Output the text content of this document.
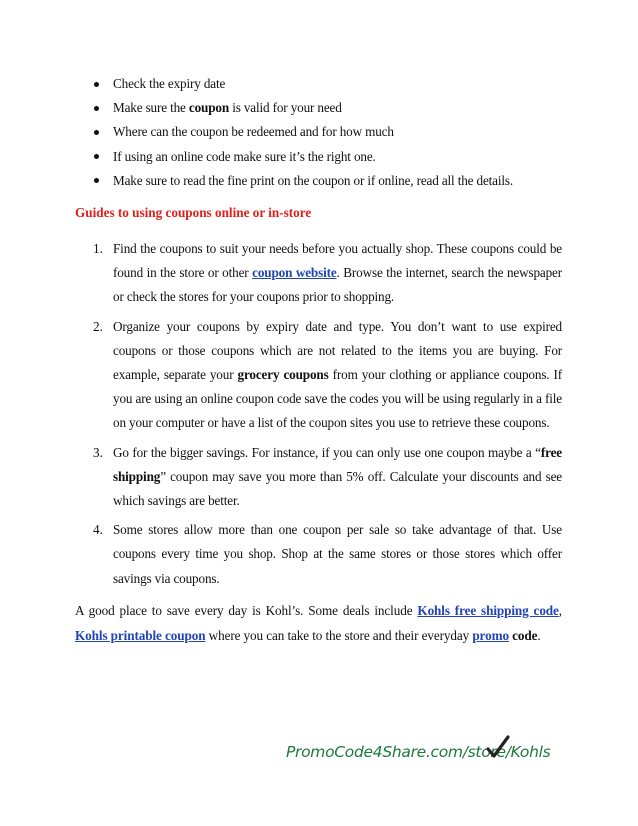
Check the expiry date
Make sure the coupon is valid for your need
Where can the coupon be redeemed and for how much
If using an online code make sure it’s the right one.
Make sure to read the fine print on the coupon or if online, read all the details.
Guides to using coupons online or in-store
1. Find the coupons to suit your needs before you actually shop. These coupons could be found in the store or other coupon website. Browse the internet, search the newspaper or check the stores for your coupons prior to shopping.
2. Organize your coupons by expiry date and type. You don’t want to use expired coupons or those coupons which are not related to the items you are buying. For example, separate your grocery coupons from your clothing or appliance coupons. If you are using an online coupon code save the codes you will be using regularly in a file on your computer or have a list of the coupon sites you use to retrieve these coupons.
3. Go for the bigger savings. For instance, if you can only use one coupon maybe a “free shipping” coupon may save you more than 5% off. Calculate your discounts and see which savings are better.
4. Some stores allow more than one coupon per sale so take advantage of that. Use coupons every time you shop. Shop at the same stores or those stores which offer savings via coupons.

A good place to save every day is Kohl’s. Some deals include Kohls free shipping code, Kohls printable coupon where you can take to the store and their everyday promo code.

PromoCode4Share.com/store/Kohls
